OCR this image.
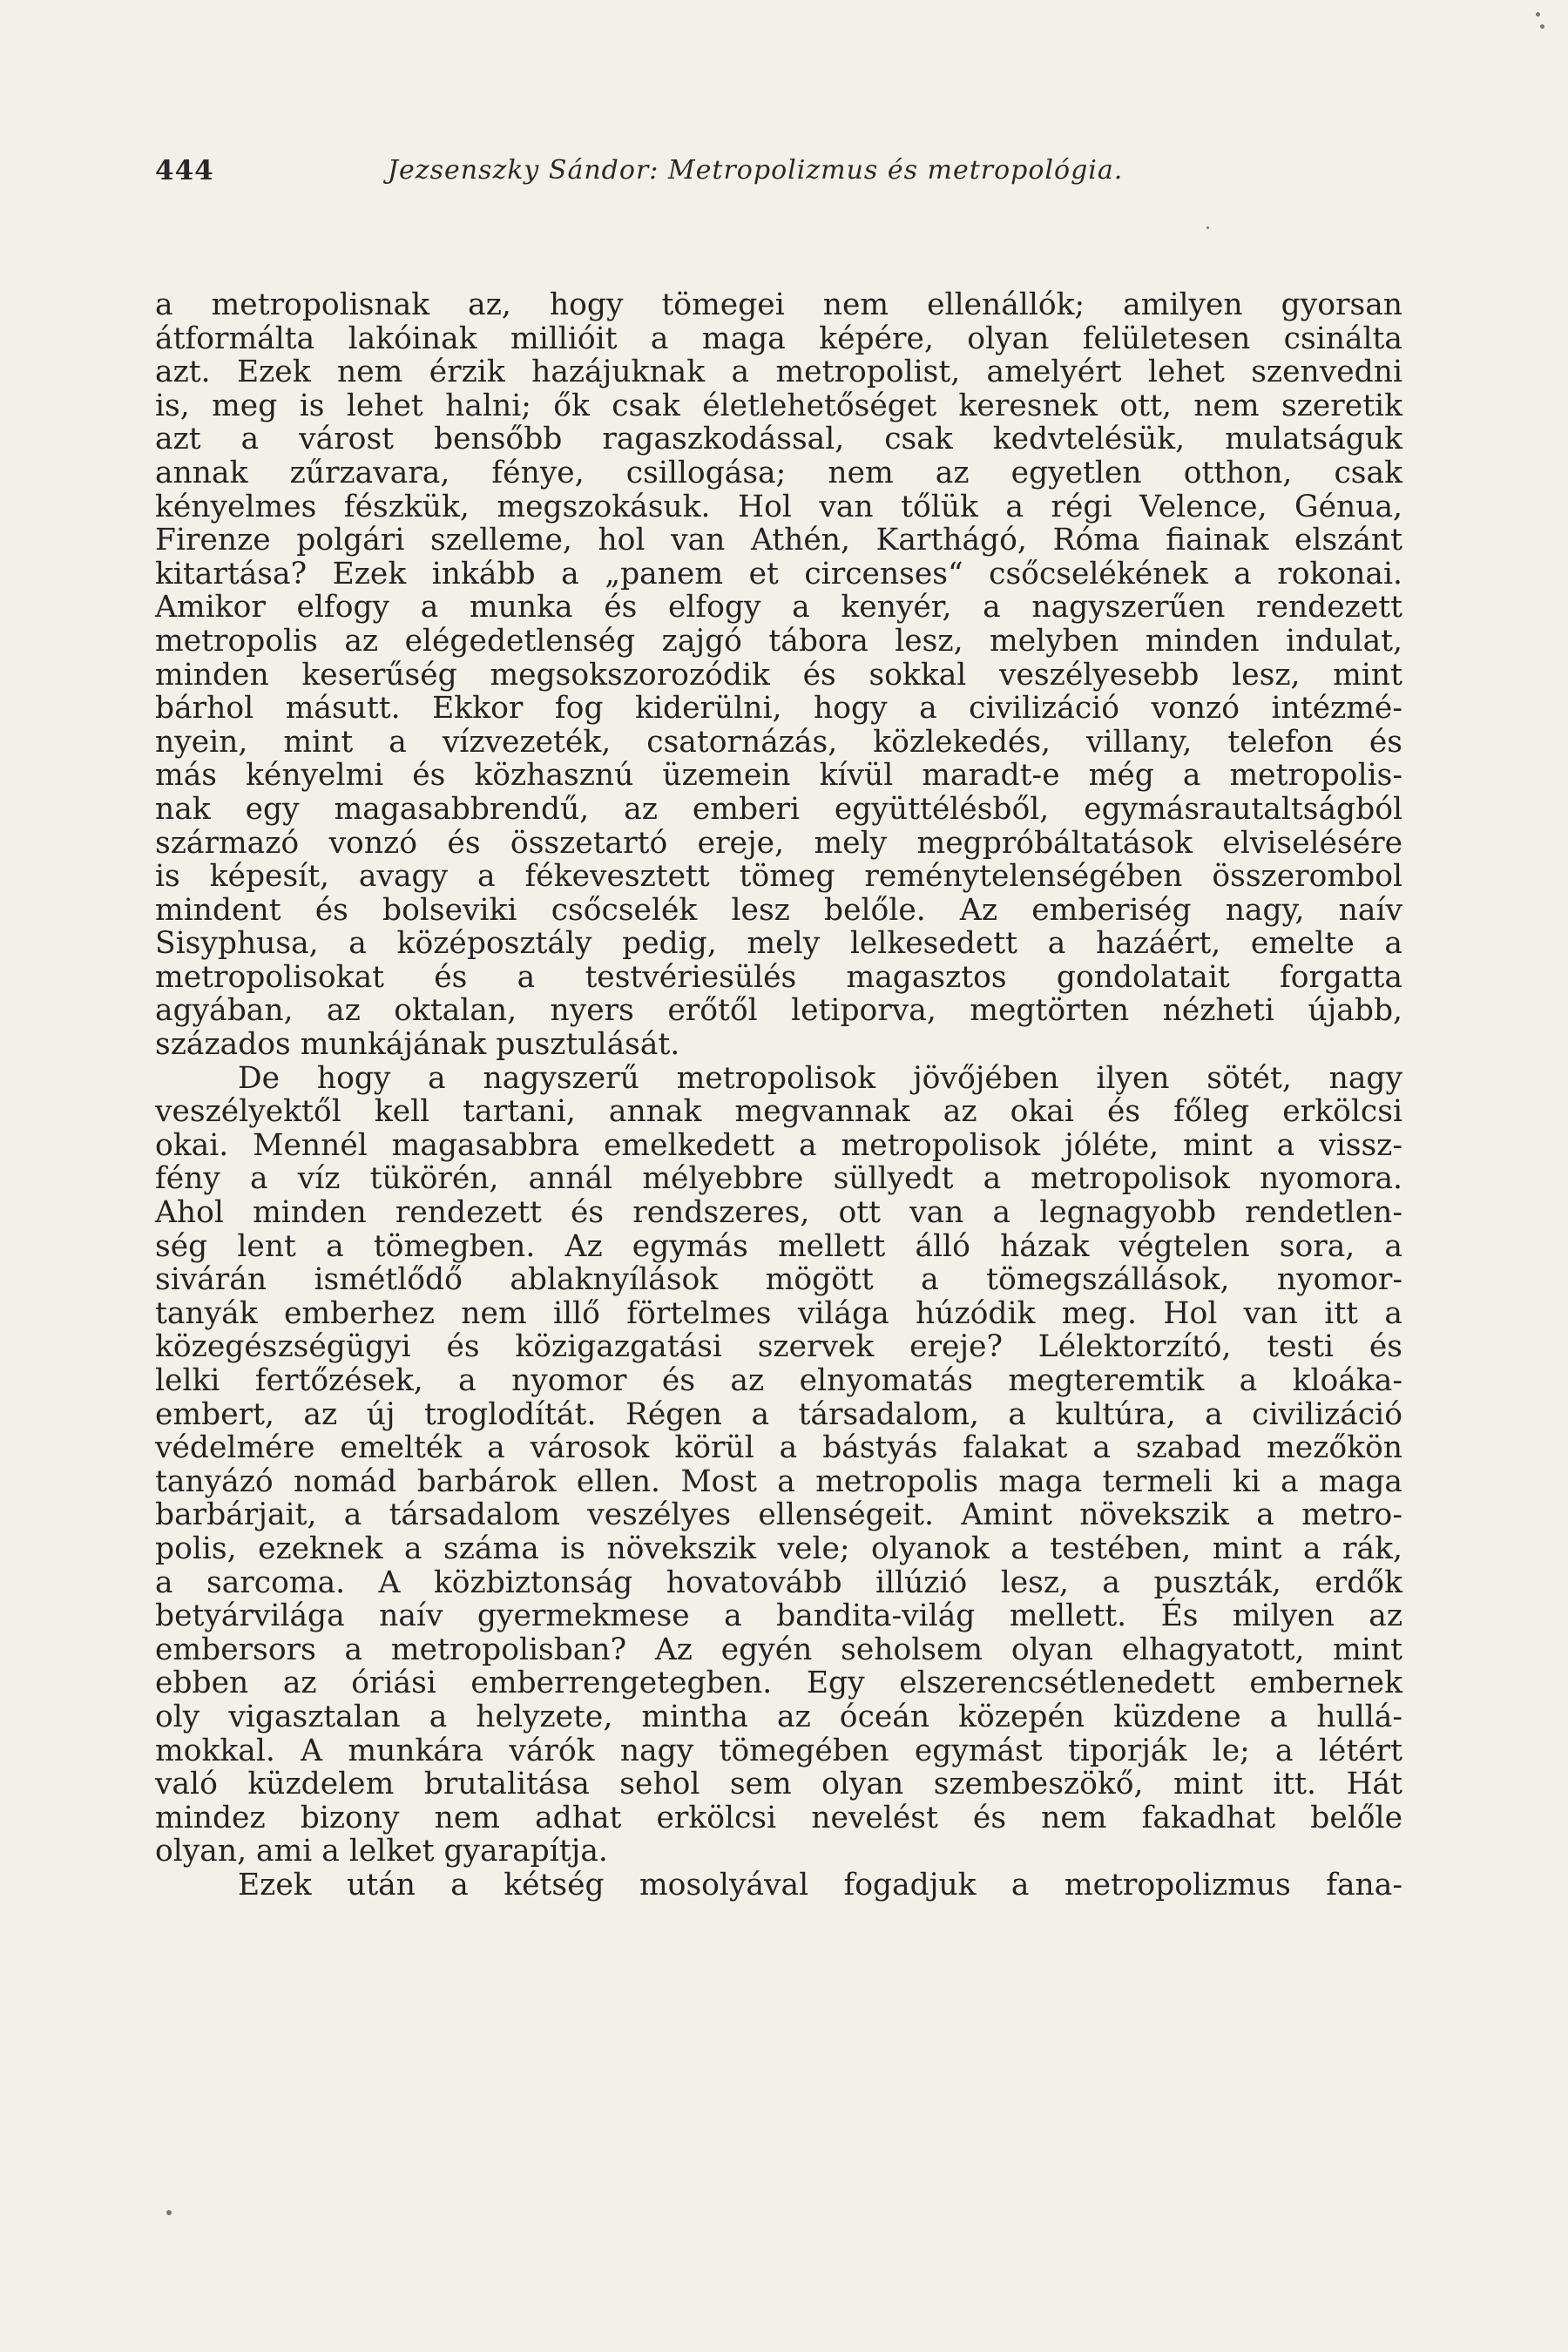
444	Jezsenszky Sándor: Metropolizmus és metropológia.
a metropolisnak az, hogy tömegei nem ellenállók; amilyen gyorsan
átformálta lakóinak millióit a maga képére, olyan felületesen csinálta
azt. Ezek nem érzik hazájuknak a metropolist, amelyért lehet szenvedni
is, meg is lehet halni; ők csak életlehetőséget keresnek ott, nem szeretik
azt a várost bensőbb ragaszkodással, csak kedvtelésük, mulatságuk
annak zűrzavara, fénye, csillogása; nem az egyetlen otthon, csak
kényelmes fészkük, megszokásuk. Hol van tőlük a régi Velence, Génua,
Firenze polgári szelleme, hol van Athén, Karthágó, Róma fiainak elszánt
kitartása? Ezek inkább a „panem et circenses“ csőcselékének a rokonai.
Amikor elfogy a munka és elfogy a kenyér, a nagyszerűen rendezett
metropolis az elégedetlenség zajgó tábora lesz, melyben minden indulat,
minden keserűség megsokszorozódik és sokkal veszélyesebb lesz, mint
bárhol másutt. Ekkor fog kiderülni, hogy a civilizáció vonzó intézmé-
nyein, mint a vízvezeték, csatornázás, közlekedés, villany, telefon és
más kényelmi és közhasznú üzemein kívül maradt-e még a metropolis-
nak egy magasabbrendű, az emberi együttélésből, egymásrautaltságból
származó vonzó és összetartó ereje, mely megpróbáltatások elviselésére
is képesít, avagy a fékevesztett tömeg reménytelenségében összerombol
mindent és bolseviki csőcselék lesz belőle. Az emberiség nagy, naív
Sisyphusa, a középosztály pedig, mely lelkesedett a hazáért, emelte a
metropolisokat és a testvériesülés magasztos gondolatait forgatta
agyában, az oktalan, nyers erőtől letiporva, megtörten nézheti újabb,
százados munkájának pusztulását.
De hogy a nagyszerű metropolisok jövőjében ilyen sötét, nagy
veszélyektől kell tartani, annak megvannak az okai és főleg erkölcsi
okai. Mennél magasabbra emelkedett a metropolisok jóléte, mint a vissz-
fény a víz tükörén, annál mélyebbre süllyedt a metropolisok nyomora.
Ahol minden rendezett és rendszeres, ott van a legnagyobb rendetlen-
ség lent a tömegben. Az egymás mellett álló házak végtelen sora, a
sivárán ismétlődő ablaknyílások mögött a tömegszállások, nyomor-
tanyák emberhez nem illő förtelmes világa húzódik meg. Hol van itt a
közegészségügyi és közigazgatási szervek ereje? Lélektorzító, testi és
lelki fertőzések, a nyomor és az elnyomatás megteremtik a kloáka-
embert, az új troglodítát. Régen a társadalom, a kultúra, a civilizáció
védelmére emelték a városok körül a bástyás falakat a szabad mezőkön
tanyázó nomád barbárok ellen. Most a metropolis maga termeli ki a maga
barbárjait, a társadalom veszélyes ellenségeit. Amint növekszik a metro-
polis, ezeknek a száma is növekszik vele; olyanok a testében, mint a rák,
a sarcoma. A közbiztonság hovatovább illúzió lesz, a puszták, erdők
betyárvilága naív gyermekmese a bandita-világ mellett. És milyen az
embersors a metropolisban? Az egyén seholsem olyan elhagyatott, mint
ebben az óriási emberrengetegben. Egy elszerencsétlenedett embernek
oly vigasztalan a helyzete, mintha az óceán közepén küzdene a hullá-
mokkal. A munkára várók nagy tömegében egymást tiporják le; a létért
való küzdelem brutalitása sehol sem olyan szembeszökő, mint itt. Hát
mindez bizony nem adhat erkölcsi nevelést és nem fakadhat belőle
olyan, ami a lelket gyarapítja.
Ezek után a kétség mosolyával fogadjuk a metropolizmus fana-
